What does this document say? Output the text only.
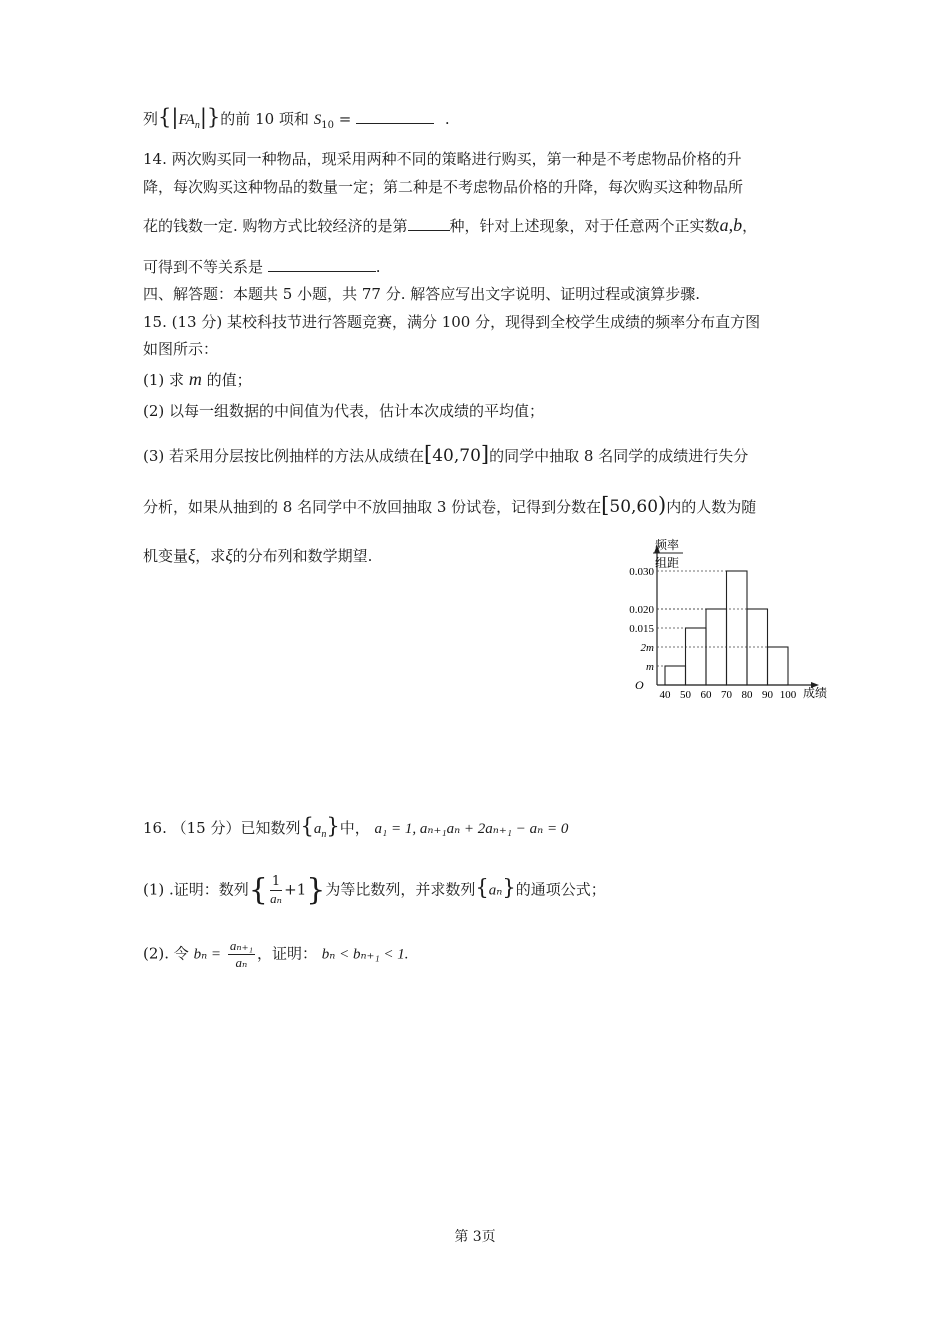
列$\{|FA_n|\}$的前 10 项和 $S_{10}$ =	.
14. 两次购买同一种物品，现采用两种不同的策略进行购买，第一种是不考虑物品价格的升
降，每次购买这种物品的数量一定；第二种是不考虑物品价格的升降，每次购买这种物品所
花的钱数一定. 购物方式比较经济的是第	种，针对上述现象，对于任意两个正实数a,b，
可得到不等关系是	.
四、解答题：本题共 5 小题，共 77 分. 解答应写出文字说明、证明过程或演算步骤.
15. (13 分) 某校科技节进行答题竞赛，满分 100 分，现得到全校学生成绩的频率分布直方图
如图所示：
(1) 求 m 的值；
(2) 以每一组数据的中间值为代表，估计本次成绩的平均值；
(3) 若采用分层按比例抽样的方法从成绩在[40,70]的同学中抽取 8 名同学的成绩进行失分
分析，如果从抽到的 8 名同学中不放回抽取 3 份试卷，记得到分数在[50,60)内的人数为随
机变量ξ，求ξ的分布列和数学期望.
频率
组距
O
成绩
0.030
0.020
0.015
2m
m
40 50 60 70 80 90 100
16. （15 分）已知数列$\{a_n\}$中， a₁ = 1, aₙ₊₁aₙ + 2aₙ₊₁ − aₙ = 0
(1) .证明：数列{ $\frac{1}{\text{aₙ}} +1$}为等比数列，并求数列{aₙ}的通项公式；
(2). 令 $b_n = \frac{\text{aₙ₊₁}}{\text{aₙ}}$ ，证明： bₙ < bₙ₊₁ < 1.
第 3页
